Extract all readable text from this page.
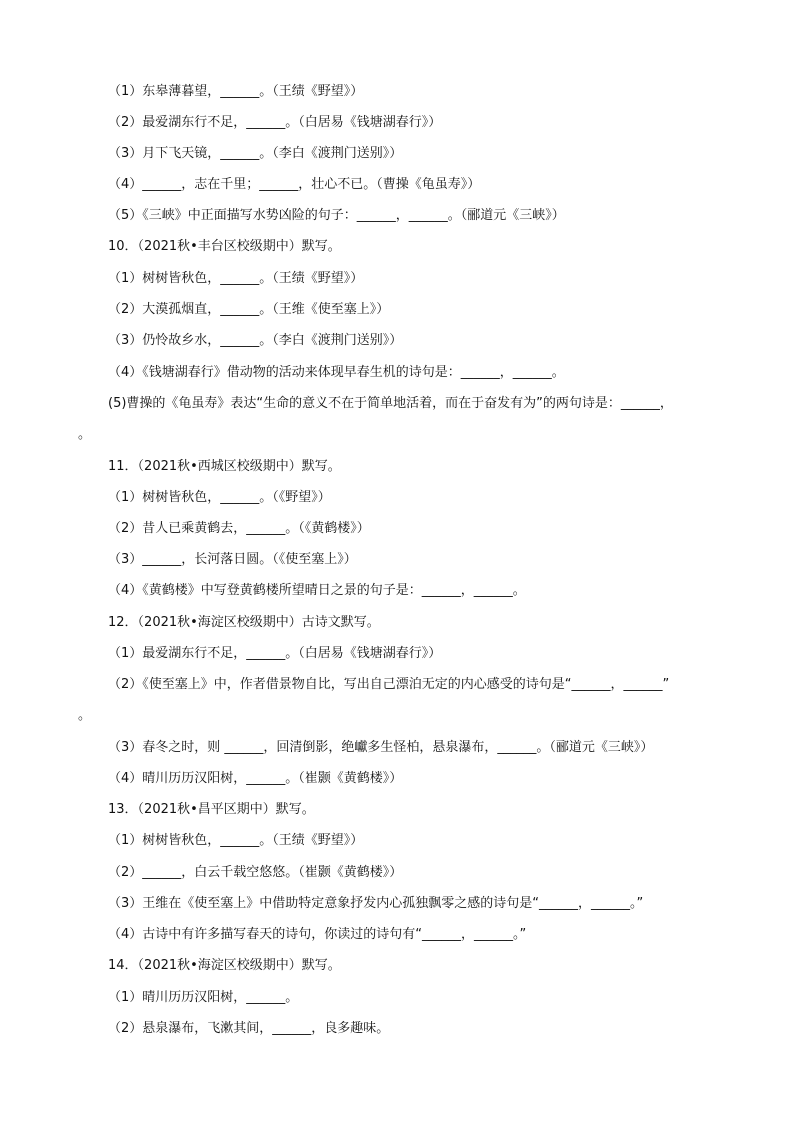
（1）东皋薄暮望，______。（王绩《野望》）
（2）最爱湖东行不足，______。（白居易《钱塘湖春行》）
（3）月下飞天镜，______。（李白《渡荆门送别》）
（4）______，志在千里；______，壮心不已。（曹操《龟虽寿》）
（5）《三峡》中正面描写水势凶险的句子：______，______。（郦道元《三峡》）
10．（2021秋•丰台区校级期中）默写。
（1）树树皆秋色，______。（王绩《野望》）
（2）大漠孤烟直，______。（王维《使至塞上》）
（3）仍怜故乡水，______。（李白《渡荆门送别》）
（4）《钱塘湖春行》借动物的活动来体现早春生机的诗句是：______，______。
(5)曹操的《龟虽寿》表达“生命的意义不在于简单地活着，而在于奋发有为”的两句诗是：______，
。
11．（2021秋•西城区校级期中）默写。
（1）树树皆秋色，______。（《野望》）
（2）昔人已乘黄鹤去，______。（《黄鹤楼》）
（3）______，长河落日圆。（《使至塞上》）
（4）《黄鹤楼》中写登黄鹤楼所望晴日之景的句子是：______，______。
12．（2021秋•海淀区校级期中）古诗文默写。
（1）最爱湖东行不足，______。（白居易《钱塘湖春行》）
（2）《使至塞上》中，作者借景物自比，写出自己漂泊无定的内心感受的诗句是“______，______”
。
（3）春冬之时，则 ______，回清倒影，绝巘多生怪柏，悬泉瀑布，______。（郦道元《三峡》）
（4）晴川历历汉阳树，______。（崔颢《黄鹤楼》）
13．（2021秋•昌平区期中）默写。
（1）树树皆秋色，______。（王绩《野望》）
（2）______，白云千载空悠悠。（崔颢《黄鹤楼》）
（3）王维在《使至塞上》中借助特定意象抒发内心孤独飘零之感的诗句是“______，______。”
（4）古诗中有许多描写春天的诗句，你读过的诗句有“______，______。”
14．（2021秋•海淀区校级期中）默写。
（1）晴川历历汉阳树，______。
（2）悬泉瀑布，飞漱其间，______，良多趣味。
